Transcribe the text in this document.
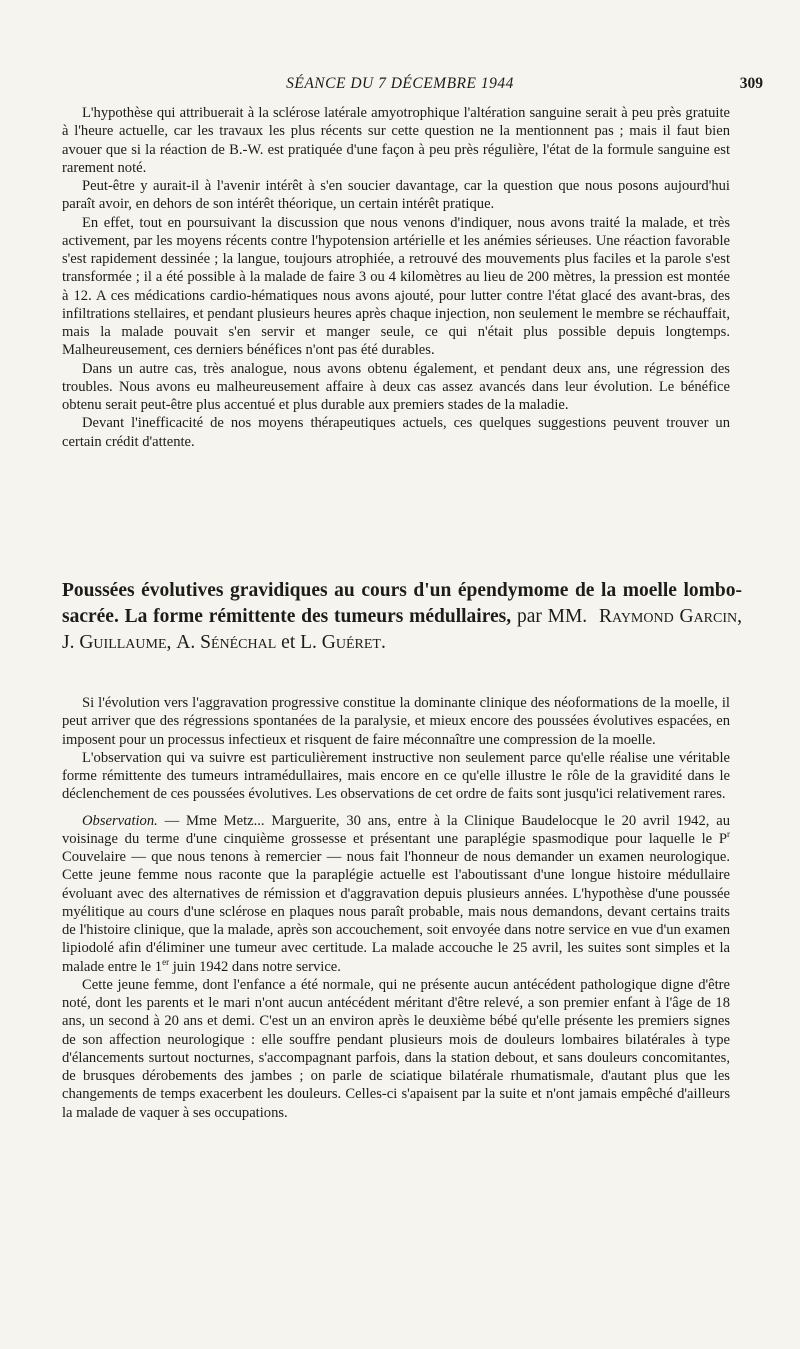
SÉANCE DU 7 DÉCEMBRE 1944	309

L'hypothèse qui attribuerait à la sclérose latérale amyotrophique l'altération sanguine serait à peu près gratuite à l'heure actuelle, car les travaux les plus récents sur cette question ne la mentionnent pas ; mais il faut bien avouer que si la réaction de B.-W. est pratiquée d'une façon à peu près régulière, l'état de la formule sanguine est rarement noté.

Peut-être y aurait-il à l'avenir intérêt à s'en soucier davantage, car la question que nous posons aujourd'hui paraît avoir, en dehors de son intérêt théorique, un certain intérêt pratique.

En effet, tout en poursuivant la discussion que nous venons d'indiquer, nous avons traité la malade, et très activement, par les moyens récents contre l'hypotension artérielle et les anémies sérieuses. Une réaction favorable s'est rapidement dessinée ; la langue, toujours atrophiée, a retrouvé des mouvements plus faciles et la parole s'est transformée ; il a été possible à la malade de faire 3 ou 4 kilomètres au lieu de 200 mètres, la pression est montée à 12. A ces médications cardio-hématiques nous avons ajouté, pour lutter contre l'état glacé des avant-bras, des infiltrations stellaires, et pendant plusieurs heures après chaque injection, non seulement le membre se réchauffait, mais la malade pouvait s'en servir et manger seule, ce qui n'était plus possible depuis longtemps. Malheureusement, ces derniers bénéfices n'ont pas été durables.

Dans un autre cas, très analogue, nous avons obtenu également, et pendant deux ans, une régression des troubles. Nous avons eu malheureusement affaire à deux cas assez avancés dans leur évolution. Le bénéfice obtenu serait peut-être plus accentué et plus durable aux premiers stades de la maladie.

Devant l'inefficacité de nos moyens thérapeutiques actuels, ces quelques suggestions peuvent trouver un certain crédit d'attente.

Poussées évolutives gravidiques au cours d'un épendymome de la moelle lombo-sacrée. La forme rémittente des tumeurs médullaires, par MM. Raymond Garcin, J. Guillaume, A. Sénéchal et L. Guéret.

Si l'évolution vers l'aggravation progressive constitue la dominante clinique des néoformations de la moelle, il peut arriver que des régressions spontanées de la paralysie, et mieux encore des poussées évolutives espacées, en imposent pour un processus infectieux et risquent de faire méconnaître une compression de la moelle.

L'observation qui va suivre est particulièrement instructive non seulement parce qu'elle réalise une véritable forme rémittente des tumeurs intramédullaires, mais encore en ce qu'elle illustre le rôle de la gravidité dans le déclenchement de ces poussées évolutives. Les observations de cet ordre de faits sont jusqu'ici relativement rares.

Observation. — Mme Metz... Marguerite, 30 ans, entre à la Clinique Baudelocque le 20 avril 1942, au voisinage du terme d'une cinquième grossesse et présentant une paraplégie spasmodique pour laquelle le $P^r$ Couvelaire — que nous tenons à remercier — nous fait l'honneur de nous demander un examen neurologique. Cette jeune femme nous raconte que la paraplégie actuelle est l'aboutissant d'une longue histoire médullaire évoluant avec des alternatives de rémission et d'aggravation depuis plusieurs années. L'hypothèse d'une poussée myélitique au cours d'une sclérose en plaques nous paraît probable, mais nous demandons, devant certains traits de l'histoire clinique, que la malade, après son accouchement, soit envoyée dans notre service en vue d'un examen lipiodolé afin d'éliminer une tumeur avec certitude. La malade accouche le 25 avril, les suites sont simples et la malade entre le 1er juin 1942 dans notre service.

Cette jeune femme, dont l'enfance a été normale, qui ne présente aucun antécédent pathologique digne d'être noté, dont les parents et le mari n'ont aucun antécédent méritant d'être relevé, a son premier enfant à l'âge de 18 ans, un second à 20 ans et demi. C'est un an environ après le deuxième bébé qu'elle présente les premiers signes de son affection neurologique : elle souffre pendant plusieurs mois de douleurs lombaires bilatérales à type d'élancements surtout nocturnes, s'accompagnant parfois, dans la station debout, et sans douleurs concomitantes, de brusques dérobements des jambes ; on parle de sciatique bilatérale rhumatismale, d'autant plus que les changements de temps exacerbent les douleurs. Celles-ci s'apaisent par la suite et n'ont jamais empêché d'ailleurs la malade de vaquer à ses occupations.
